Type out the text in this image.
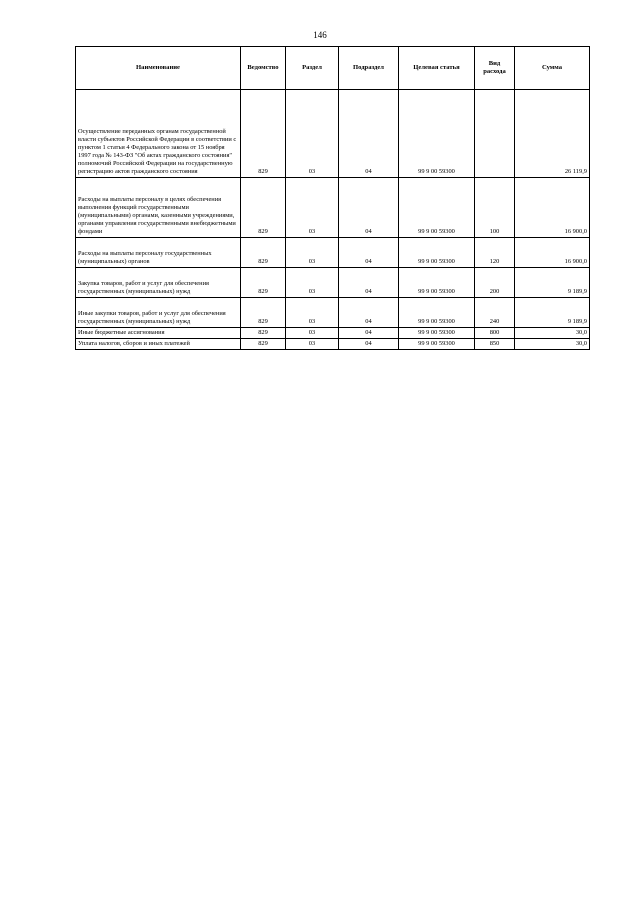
146
Наименование	Ведомство	Раздел	Подраздел	Целевая статья	Вид расхода	Сумма
Осуществление переданных органам государственной власти субъектов Российской Федерации в соответствии с пунктом 1 статьи 4 Федерального закона от 15 ноября 1997 года № 143-ФЗ "Об актах гражданского состояния" полномочий Российской Федерации на государственную регистрацию актов гражданского состояния	829	03	04	99 9 00 59300		26 119,9
Расходы на выплаты персоналу в целях обеспечения выполнения функций государственными (муниципальными) органами, казенными учреждениями, органами управления государственными внебюджетными фондами	829	03	04	99 9 00 59300	100	16 900,0
Расходы на выплаты персоналу государственных (муниципальных) органов	829	03	04	99 9 00 59300	120	16 900,0
Закупка товаров, работ и услуг для обеспечения государственных (муниципальных) нужд	829	03	04	99 9 00 59300	200	9 189,9
Иные закупки товаров, работ и услуг для обеспечения государственных (муниципальных) нужд	829	03	04	99 9 00 59300	240	9 189,9
Иные бюджетные ассигнования	829	03	04	99 9 00 59300	800	30,0
Уплата налогов, сборов и иных платежей	829	03	04	99 9 00 59300	850	30,0
